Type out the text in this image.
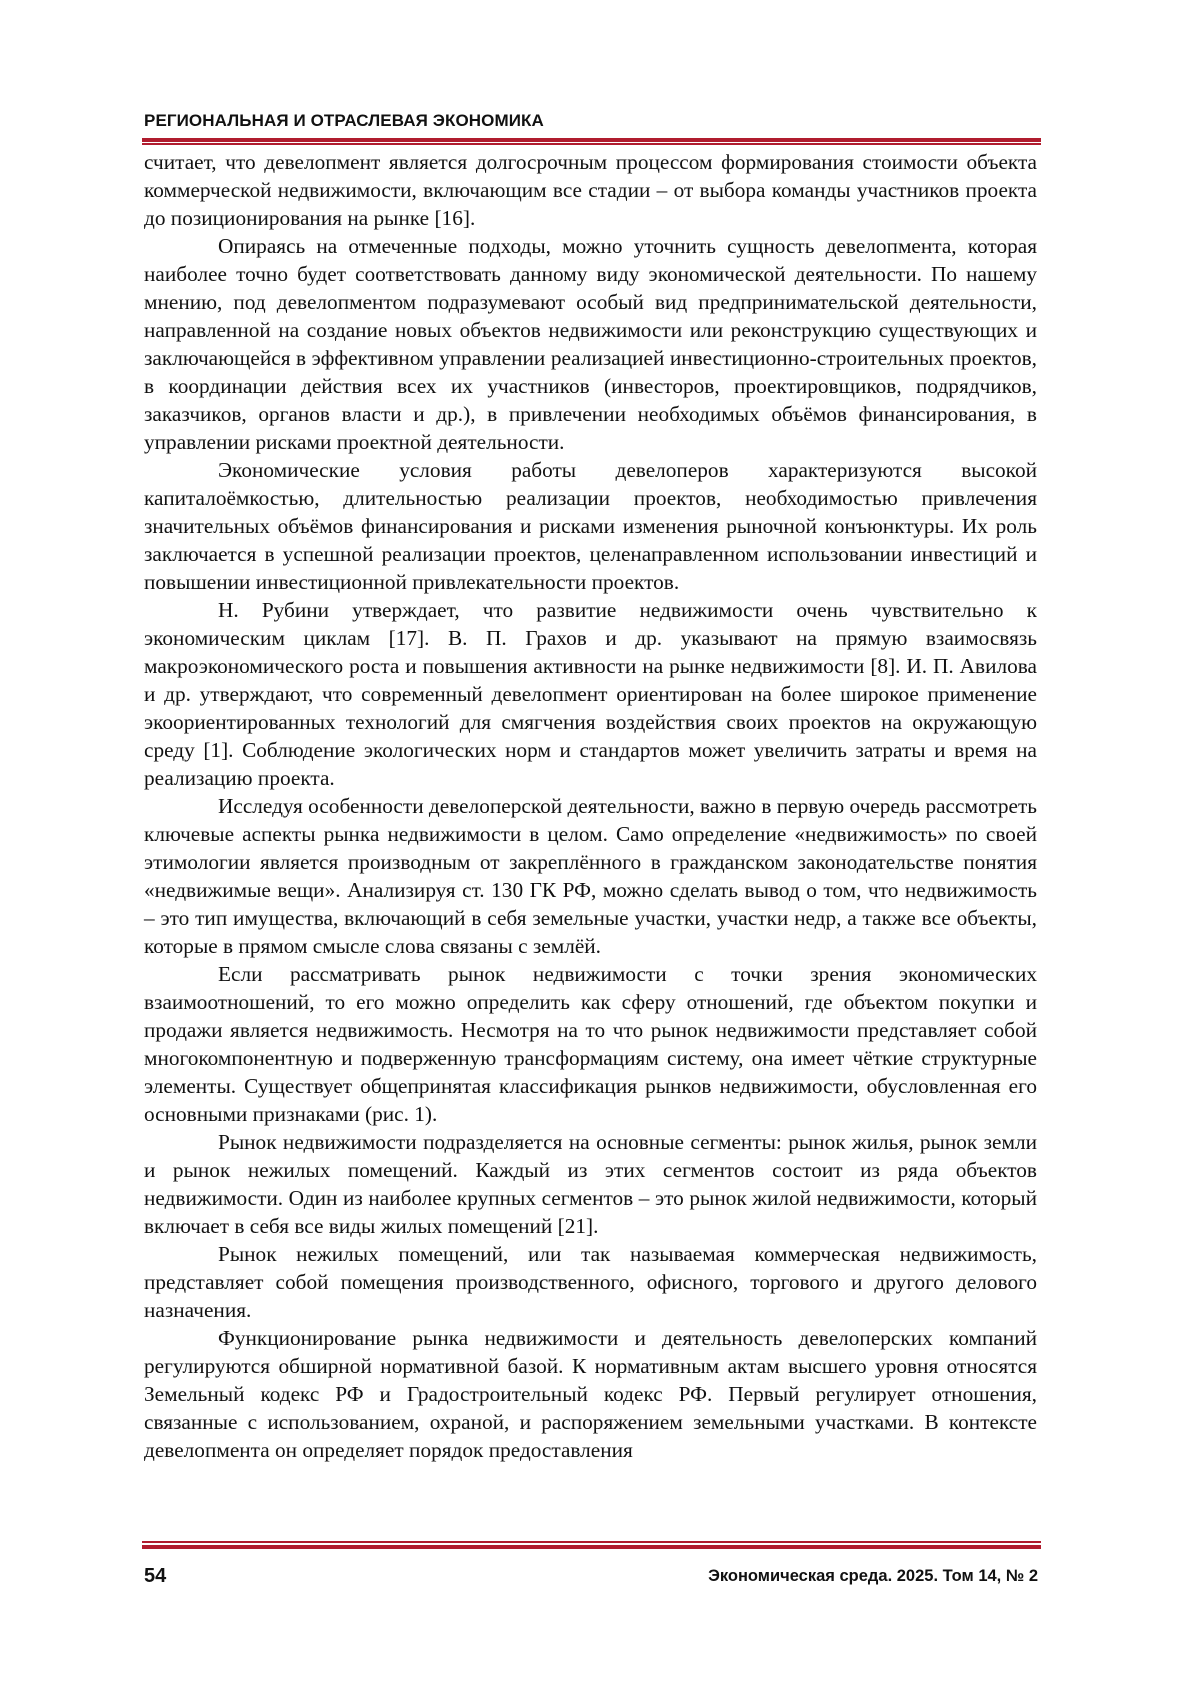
РЕГИОНАЛЬНАЯ И ОТРАСЛЕВАЯ ЭКОНОМИКА

считает, что девелопмент является долгосрочным процессом формирования стоимости объекта коммерческой недвижимости, включающим все стадии – от выбора команды участников проекта до позиционирования на рынке [16].

Опираясь на отмеченные подходы, можно уточнить сущность девелопмента, которая наиболее точно будет соответствовать данному виду экономической деятельности. По нашему мнению, под девелопментом подразумевают особый вид предпринимательской деятельности, направленной на создание новых объектов недвижимости или реконструкцию существующих и заключающейся в эффективном управлении реализацией инвестиционно-строительных проектов, в координации действия всех их участников (инвесторов, проектировщиков, подрядчиков, заказчиков, органов власти и др.), в привлечении необходимых объёмов финансирования, в управлении рисками проектной деятельности.

Экономические условия работы девелоперов характеризуются высокой капиталоёмкостью, длительностью реализации проектов, необходимостью привлечения значительных объёмов финансирования и рисками изменения рыночной конъюнктуры. Их роль заключается в успешной реализации проектов, целенаправленном использовании инвестиций и повышении инвестиционной привлекательности проектов.

Н. Рубини утверждает, что развитие недвижимости очень чувствительно к экономическим циклам [17]. В. П. Грахов и др. указывают на прямую взаимосвязь макроэкономического роста и повышения активности на рынке недвижимости [8]. И. П. Авилова и др. утверждают, что современный девелопмент ориентирован на более широкое применение экоориентированных технологий для смягчения воздействия своих проектов на окружающую среду [1]. Соблюдение экологических норм и стандартов может увеличить затраты и время на реализацию проекта.

Исследуя особенности девелоперской деятельности, важно в первую очередь рассмотреть ключевые аспекты рынка недвижимости в целом. Само определение «недвижимость» по своей этимологии является производным от закреплённого в гражданском законодательстве понятия «недвижимые вещи». Анализируя ст. 130 ГК РФ, можно сделать вывод о том, что недвижимость – это тип имущества, включающий в себя земельные участки, участки недр, а также все объекты, которые в прямом смысле слова связаны с землёй.

Если рассматривать рынок недвижимости с точки зрения экономических взаимоотношений, то его можно определить как сферу отношений, где объектом покупки и продажи является недвижимость. Несмотря на то что рынок недвижимости представляет собой многокомпонентную и подверженную трансформациям систему, она имеет чёткие структурные элементы. Существует общепринятая классификация рынков недвижимости, обусловленная его основными признаками (рис. 1).

Рынок недвижимости подразделяется на основные сегменты: рынок жилья, рынок земли и рынок нежилых помещений. Каждый из этих сегментов состоит из ряда объектов недвижимости. Один из наиболее крупных сегментов – это рынок жилой недвижимости, который включает в себя все виды жилых помещений [21].

Рынок нежилых помещений, или так называемая коммерческая недвижимость, представляет собой помещения производственного, офисного, торгового и другого делового назначения.

Функционирование рынка недвижимости и деятельность девелоперских компаний регулируются обширной нормативной базой. К нормативным актам высшего уровня относятся Земельный кодекс РФ и Градостроительный кодекс РФ. Первый регулирует отношения, связанные с использованием, охраной, и распоряжением земельными участками. В контексте девелопмента он определяет порядок предоставления

54	Экономическая среда. 2025. Том 14, № 2
